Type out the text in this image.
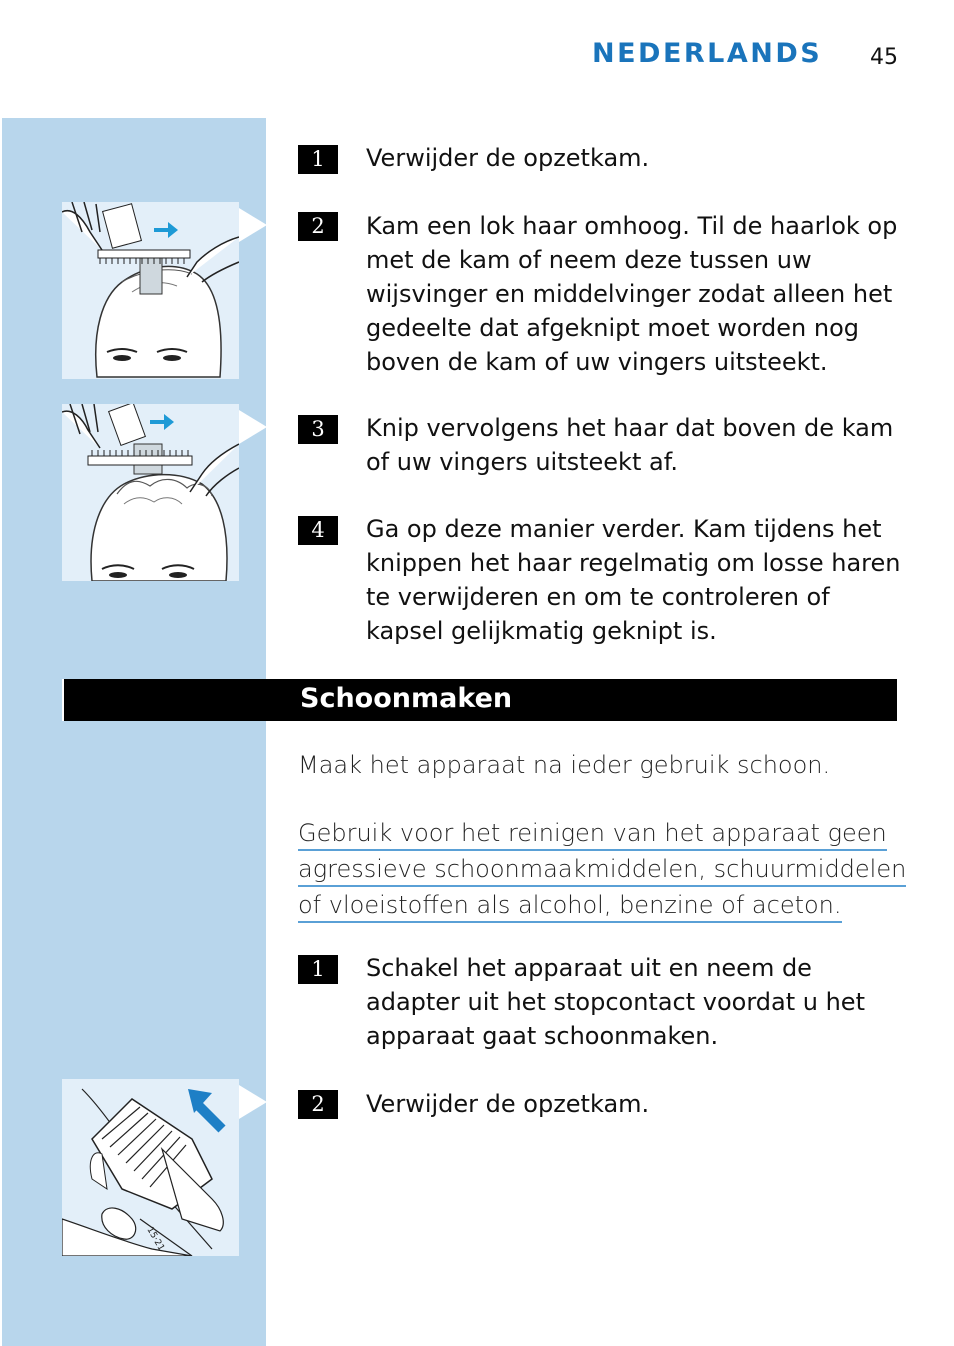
NEDERLANDS 45
1	Verwijder de opzetkam.
2	Kam een lok haar omhoog. Til de haarlok op met de kam of neem deze tussen uw wijsvinger en middelvinger zodat alleen het gedeelte dat afgeknipt moet worden nog boven de kam of uw vingers uitsteekt.
3	Knip vervolgens het haar dat boven de kam of uw vingers uitsteekt af.
4	Ga op deze manier verder. Kam tijdens het knippen het haar regelmatig om losse haren te verwijderen en om te controleren of kapsel gelijkmatig geknipt is.
Schoonmaken
Maak het apparaat na ieder gebruik schoon.
Gebruik voor het reinigen van het apparaat geen
agressieve schoonmaakmiddelen, schuurmiddelen
of vloeistoffen als alcohol, benzine of aceton.
1	Schakel het apparaat uit en neem de adapter uit het stopcontact voordat u het apparaat gaat schoonmaken.
2	Verwijder de opzetkam.
15·21
